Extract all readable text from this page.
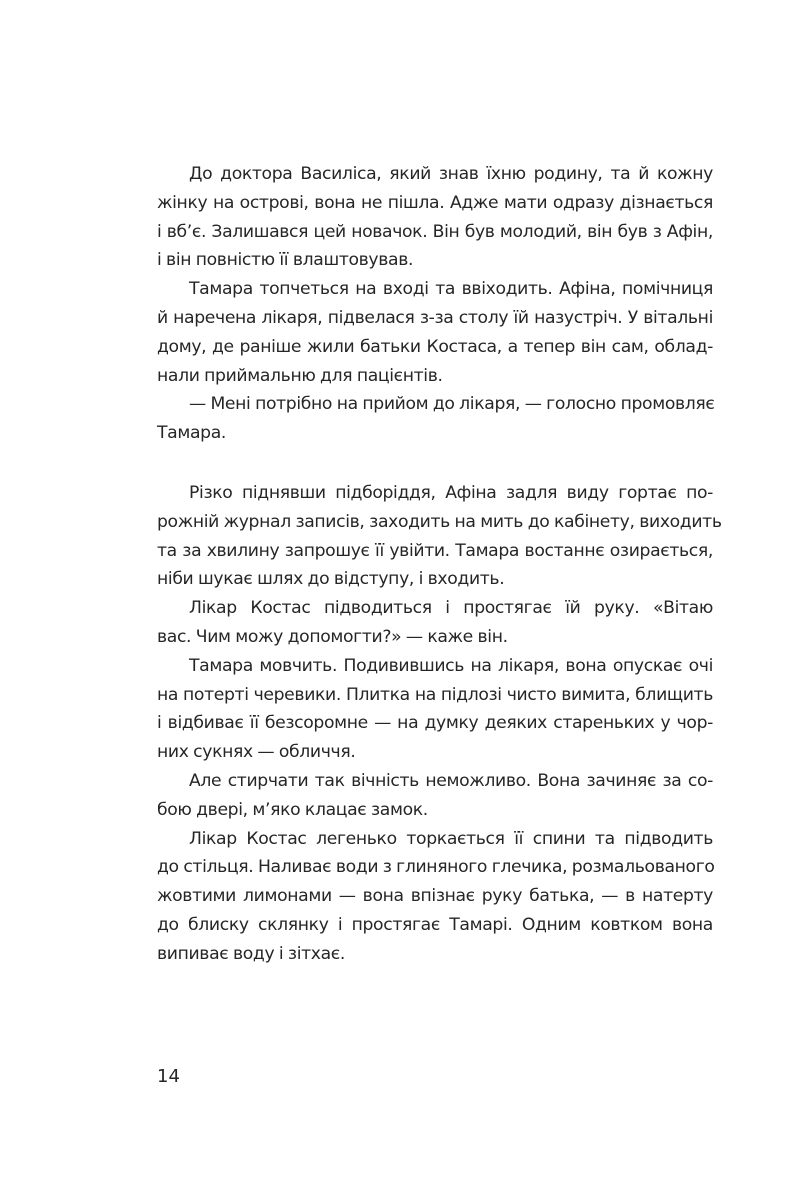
До доктора Василіса, який знав їхню родину, та й кожну
жінку на острові, вона не пішла. Адже мати одразу дізнається
і вб’є. Залишався цей новачок. Він був молодий, він був з Афін,
і він повністю її влаштовував.
Тамара топчеться на вході та ввіходить. Афіна, помічниця
й наречена лікаря, підвелася з-за столу їй назустріч. У вітальні
дому, де раніше жили батьки Костаса, а тепер він сам, облад-
нали приймальню для пацієнтів.
— Мені потрібно на прийом до лікаря, — голосно промовляє
Тамара.
Різко піднявши підборіддя, Афіна задля виду гортає по-
рожній журнал записів, заходить на мить до кабінету, виходить
та за хвилину запрошує її увійти. Тамара востаннє озирається,
ніби шукає шлях до відступу, і входить.
Лікар Костас підводиться і простягає їй руку. «Вітаю
вас. Чим можу допомогти?» — каже він.
Тамара мовчить. Подивившись на лікаря, вона опускає очі
на потерті черевики. Плитка на підлозі чисто вимита, блищить
і відбиває її безсоромне — на думку деяких стареньких у чор-
них сукнях — обличчя.
Але стирчати так вічність неможливо. Вона зачиняє за со-
бою двері, м’яко клацає замок.
Лікар Костас легенько торкається її спини та підводить
до стільця. Наливає води з глиняного глечика, розмальованого
жовтими лимонами — вона впізнає руку батька, — в натерту
до блиску склянку і простягає Тамарі. Одним ковтком вона
випиває воду і зітхає.
14
